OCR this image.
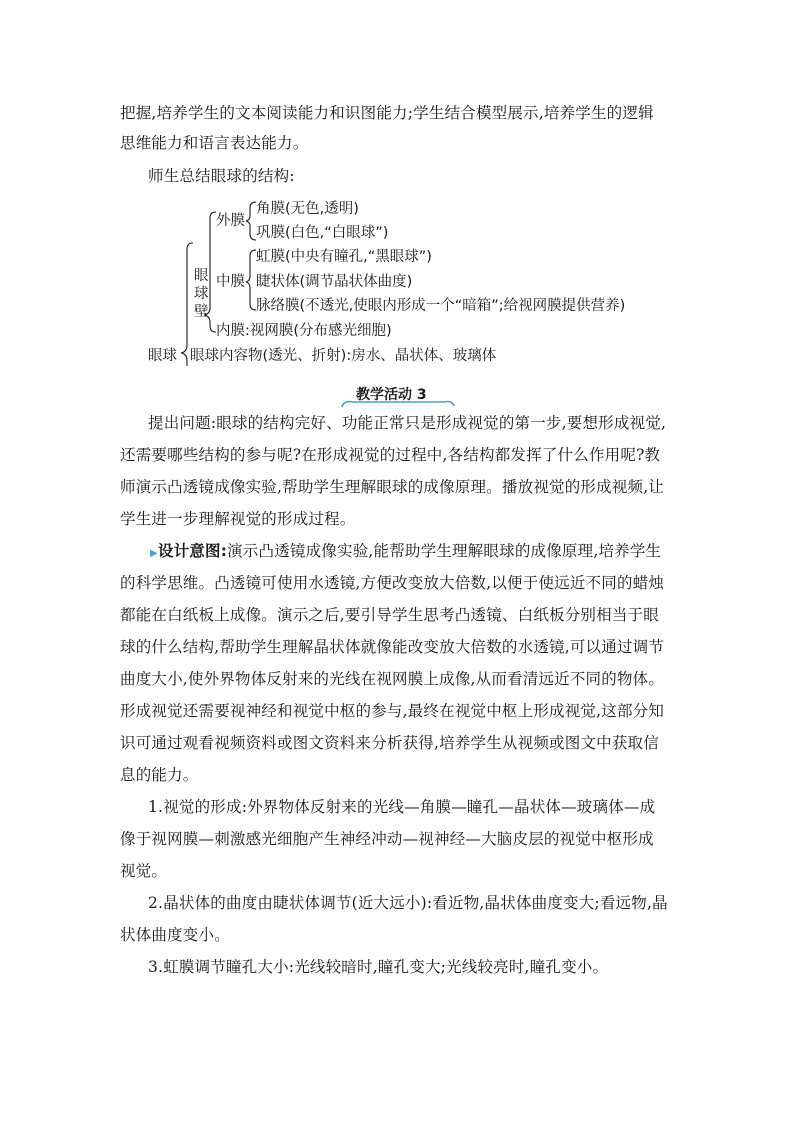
把握,培养学生的文本阅读能力和识图能力;学生结合模型展示,培养学生的逻辑
思维能力和语言表达能力。
师生总结眼球的结构:
眼球
眼
球
壁
外膜
角膜(无色,透明)
巩膜(白色,“白眼球”)
中膜
虹膜(中央有瞳孔,“黑眼球”)
睫状体(调节晶状体曲度)
脉络膜(不透光,使眼内形成一个“暗箱”;给视网膜提供营养)
内膜:视网膜(分布感光细胞)
眼球内容物(透光、折射):房水、晶状体、玻璃体
教学活动 3
提出问题:眼球的结构完好、功能正常只是形成视觉的第一步,要想形成视觉,
还需要哪些结构的参与呢?在形成视觉的过程中,各结构都发挥了什么作用呢?教
师演示凸透镜成像实验,帮助学生理解眼球的成像原理。播放视觉的形成视频,让
学生进一步理解视觉的形成过程。
▶设计意图:演示凸透镜成像实验,能帮助学生理解眼球的成像原理,培养学生
的科学思维。凸透镜可使用水透镜,方便改变放大倍数,以便于使远近不同的蜡烛
都能在白纸板上成像。演示之后,要引导学生思考凸透镜、白纸板分别相当于眼
球的什么结构,帮助学生理解晶状体就像能改变放大倍数的水透镜,可以通过调节
曲度大小,使外界物体反射来的光线在视网膜上成像,从而看清远近不同的物体。
形成视觉还需要视神经和视觉中枢的参与,最终在视觉中枢上形成视觉,这部分知
识可通过观看视频资料或图文资料来分析获得,培养学生从视频或图文中获取信
息的能力。
1.视觉的形成:外界物体反射来的光线—角膜—瞳孔—晶状体—玻璃体—成
像于视网膜—刺激感光细胞产生神经冲动—视神经—大脑皮层的视觉中枢形成
视觉。
2.晶状体的曲度由睫状体调节(近大远小):看近物,晶状体曲度变大;看远物,晶
状体曲度变小。
3.虹膜调节瞳孔大小:光线较暗时,瞳孔变大;光线较亮时,瞳孔变小。
